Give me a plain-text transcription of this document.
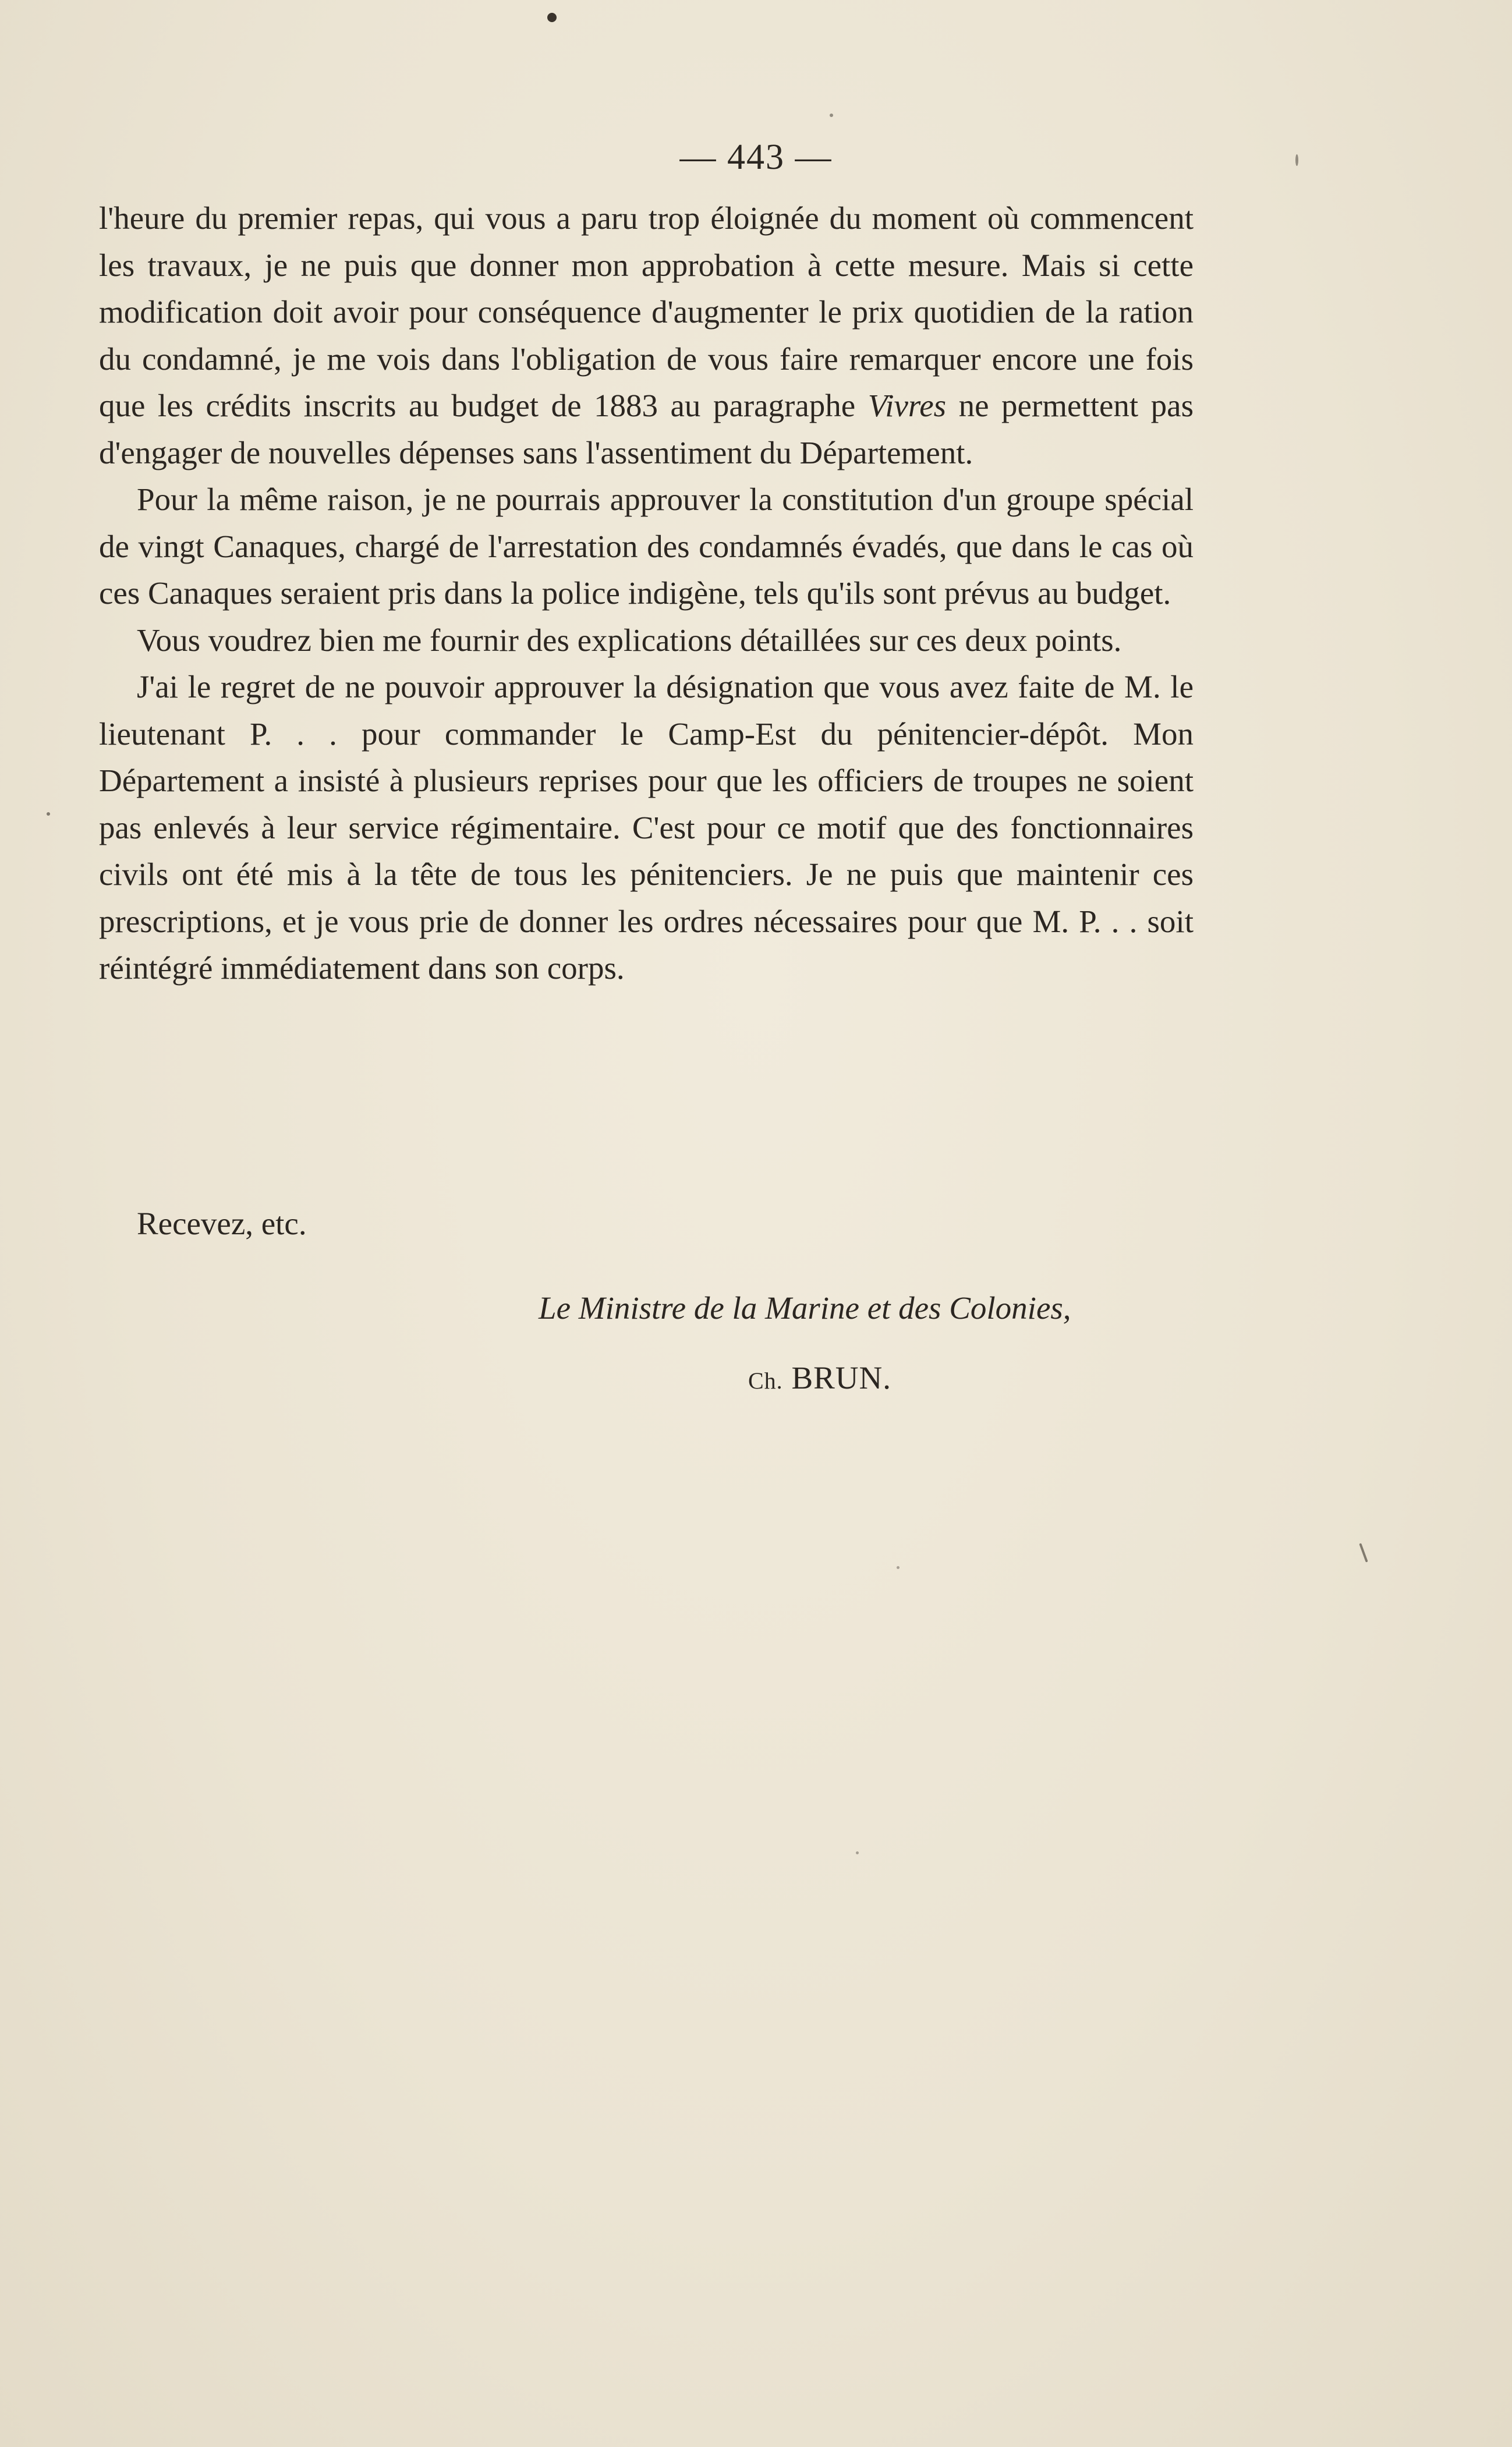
— 443 —

l'heure du premier repas, qui vous a paru trop éloignée du moment où commencent les travaux, je ne puis que donner mon approbation à cette mesure. Mais si cette modification doit avoir pour conséquence d'augmenter le prix quotidien de la ration du condamné, je me vois dans l'obligation de vous faire remarquer encore une fois que les crédits inscrits au budget de 1883 au paragraphe Vivres ne permettent pas d'engager de nouvelles dépenses sans l'assentiment du Département.

Pour la même raison, je ne pourrais approuver la constitution d'un groupe spécial de vingt Canaques, chargé de l'arrestation des condamnés évadés, que dans le cas où ces Canaques seraient pris dans la police indigène, tels qu'ils sont prévus au budget.

Vous voudrez bien me fournir des explications détaillées sur ces deux points.

J'ai le regret de ne pouvoir approuver la désignation que vous avez faite de M. le lieutenant P. . . pour commander le Camp-Est du pénitencier-dépôt. Mon Département a insisté à plusieurs reprises pour que les officiers de troupes ne soient pas enlevés à leur service régimentaire. C'est pour ce motif que des fonctionnaires civils ont été mis à la tête de tous les pénitenciers. Je ne puis que maintenir ces prescriptions, et je vous prie de donner les ordres nécessaires pour que M. P. . . soit réintégré immédiatement dans son corps.

Recevez, etc.
Le Ministre de la Marine et des Colonies,
Ch. BRUN.
